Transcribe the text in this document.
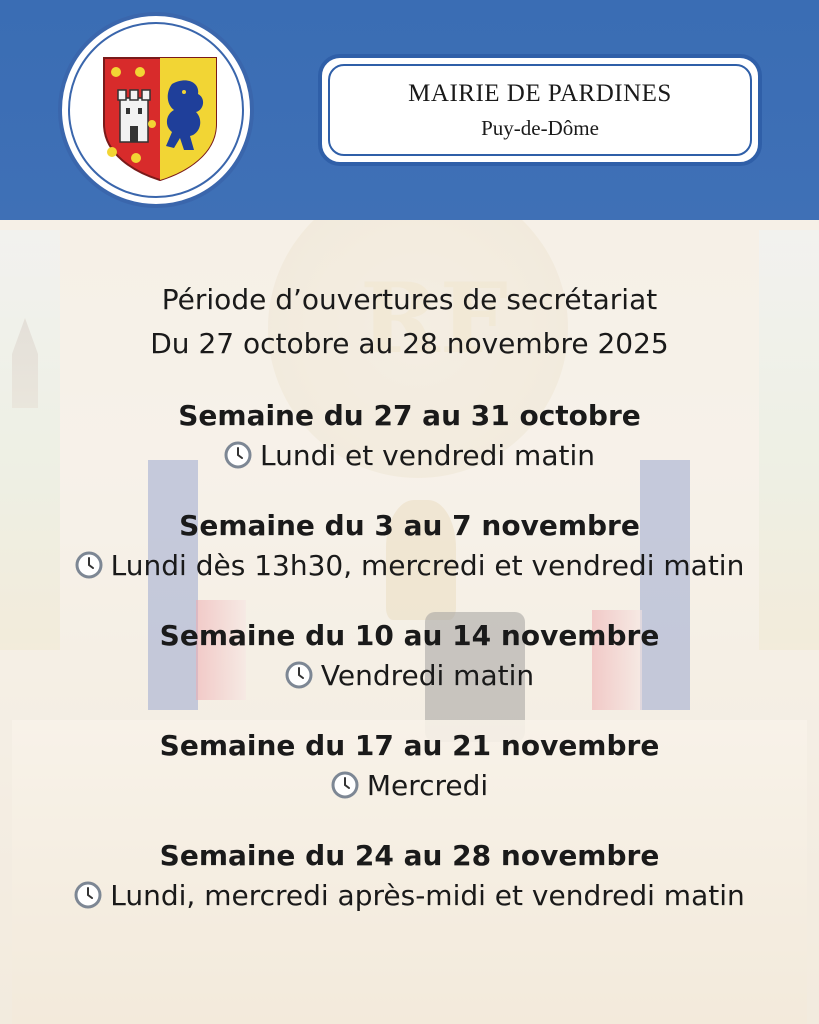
MAIRIE DE PARDINES
Puy-de-Dôme
Période d’ouvertures de secrétariat
Du 27 octobre au 28 novembre 2025
Semaine du 27 au 31 octobre
Lundi et vendredi matin
Semaine du 3 au 7 novembre
Lundi dès 13h30, mercredi et vendredi matin
Semaine du 10 au 14 novembre
Vendredi matin
Semaine du 17 au 21 novembre
Mercredi
Semaine du 24 au 28 novembre
Lundi, mercredi après-midi et vendredi matin
